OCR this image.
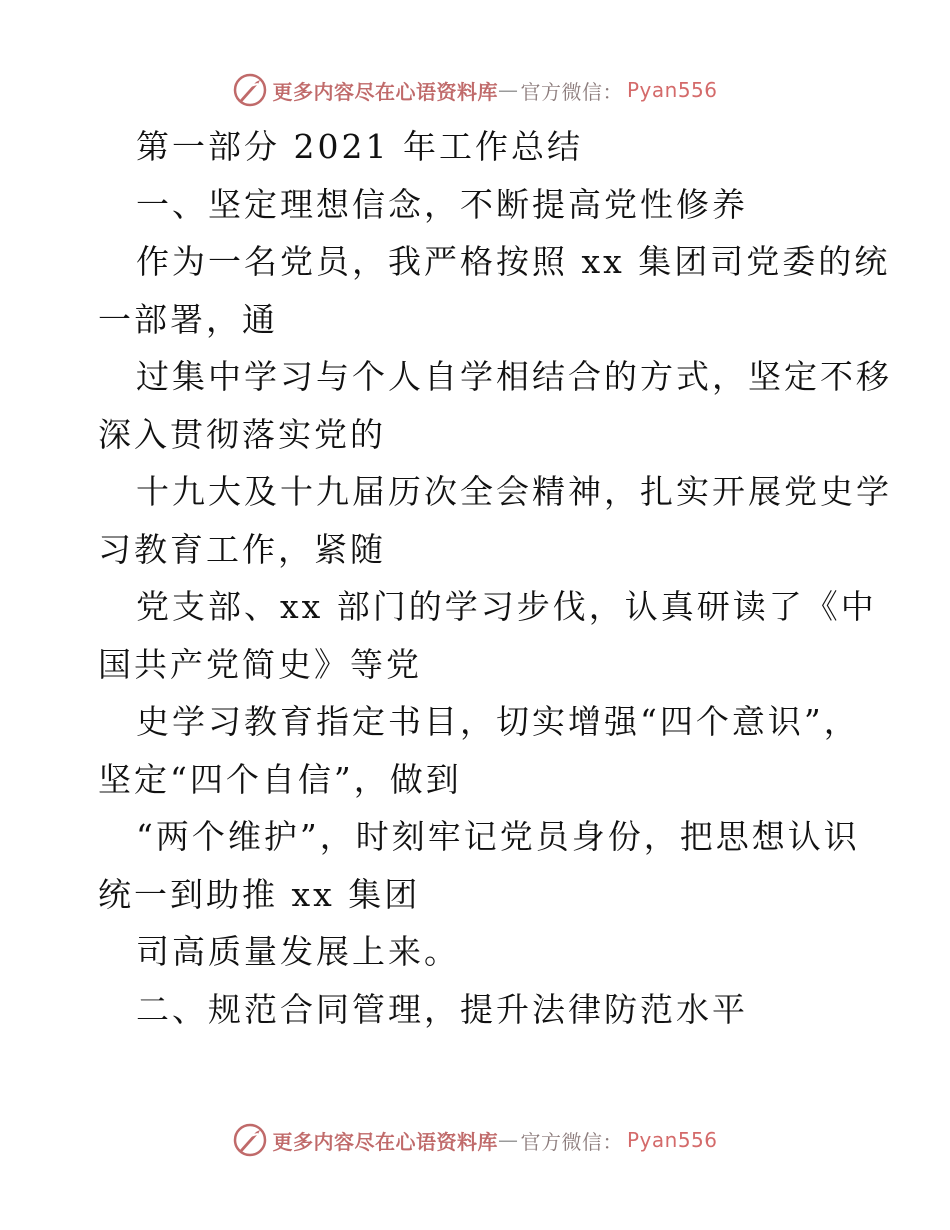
更多内容尽在心语资料库 — 官方微信： Pyan556
第一部分 2021 年工作总结
一、坚定理想信念，不断提高党性修养
作为一名党员，我严格按照 xx 集团司党委的统
一部署，通
过集中学习与个人自学相结合的方式，坚定不移
深入贯彻落实党的
十九大及十九届历次全会精神，扎实开展党史学
习教育工作，紧随
党支部、xx 部门的学习步伐，认真研读了《中
国共产党简史》等党
史学习教育指定书目，切实增强“四个意识”，
坚定“四个自信”，做到
“两个维护”，时刻牢记党员身份，把思想认识
统一到助推 xx 集团
司高质量发展上来。
二、规范合同管理，提升法律防范水平
更多内容尽在心语资料库 — 官方微信： Pyan556
